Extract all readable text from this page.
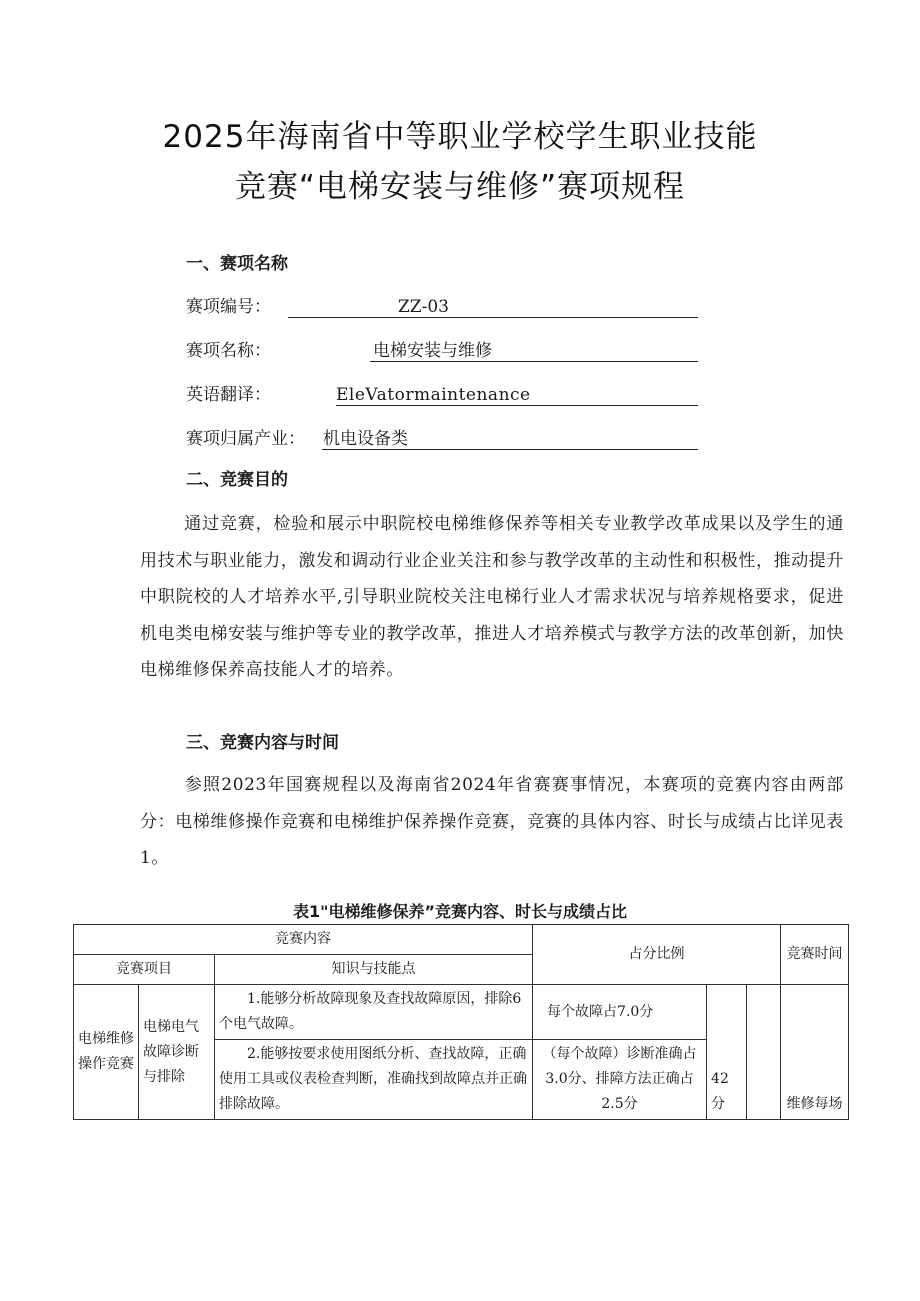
2025年海南省中等职业学校学生职业技能
竞赛“电梯安装与维修”赛项规程
一、赛项名称
赛项编号：	ZZ-03
赛项名称：	电梯安装与维修
英语翻译：	EleVatormaintenance
赛项归属产业： 机电设备类
二、竞赛目的
通过竞赛，检验和展示中职院校电梯维修保养等相关专业教学改革成果以及学生的通用技术与职业能力，激发和调动行业企业关注和参与教学改革的主动性和积极性，推动提升中职院校的人才培养水平,引导职业院校关注电梯行业人才需求状况与培养规格要求，促进机电类电梯安装与维护等专业的教学改革，推进人才培养模式与教学方法的改革创新，加快电梯维修保养高技能人才的培养。
三、竞赛内容与时间
参照2023年国赛规程以及海南省2024年省赛赛事情况，本赛项的竞赛内容由两部分：电梯维修操作竞赛和电梯维护保养操作竞赛，竞赛的具体内容、时长与成绩占比详见表1。
表1"电梯维修保养”竞赛内容、时长与成绩占比
竞赛内容			占分比例			竞赛时间
竞赛项目		知识与技能点				
电梯维修操作竞赛	电梯电气故障诊断与排除	1.能够分析故障现象及查找故障原因，排除6个电气故障。	每个故障占7.0分	42分		维修每场
		2.能够按要求使用图纸分析、查找故障，正确使用工具或仪表检查判断，准确找到故障点并正确排除故障。	（每个故障）诊断准确占3.0分、排障方法正确占2.5分			
